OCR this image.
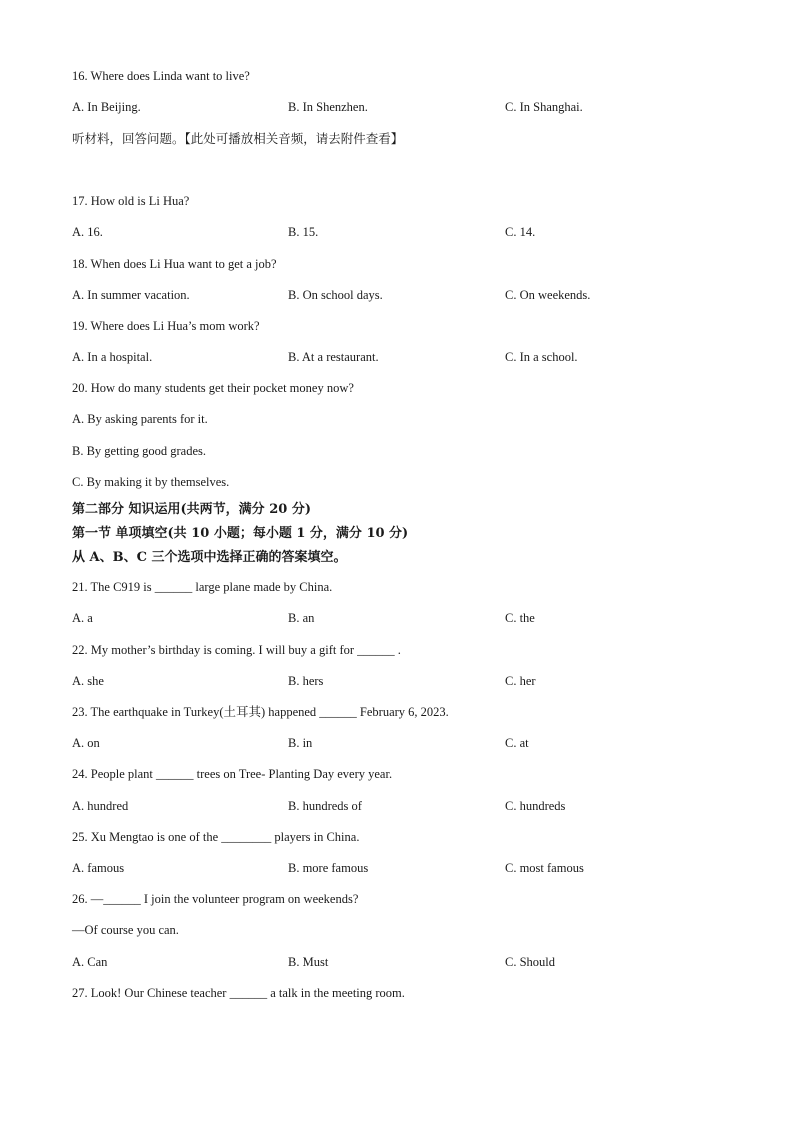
16. Where does Linda want to live?
A. In Beijing.	B. In Shenzhen.	C. In Shanghai.
听材料，回答问题。【此处可播放相关音频，请去附件查看】
17. How old is Li Hua?
A. 16.	B. 15.	C. 14.
18. When does Li Hua want to get a job?
A. In summer vacation.	B. On school days.	C. On weekends.
19. Where does Li Hua’s mom work?
A. In a hospital.	B. At a restaurant.	C. In a school.
20. How do many students get their pocket money now?
A. By asking parents for it.
B. By getting good grades.
C. By making it by themselves.
第二部分 知识运用(共两节，满分 20 分)
第一节 单项填空(共 10 小题；每小题 1 分，满分 10 分)
从 A、B、C 三个选项中选择正确的答案填空。
21. The C919 is ______ large plane made by China.
A. a	B. an	C. the
22. My mother’s birthday is coming. I will buy a gift for ______ .
A. she	B. hers	C. her
23. The earthquake in Turkey(土耳其) happened ______ February 6, 2023.
A. on	B. in	C. at
24. People plant ______ trees on Tree- Planting Day every year.
A. hundred	B. hundreds of	C. hundreds
25. Xu Mengtao is one of the ________ players in China.
A. famous	B. more famous	C. most famous
26. —______ I join the volunteer program on weekends?
—Of course you can.
A. Can	B. Must	C. Should
27. Look! Our Chinese teacher ______ a talk in the meeting room.
